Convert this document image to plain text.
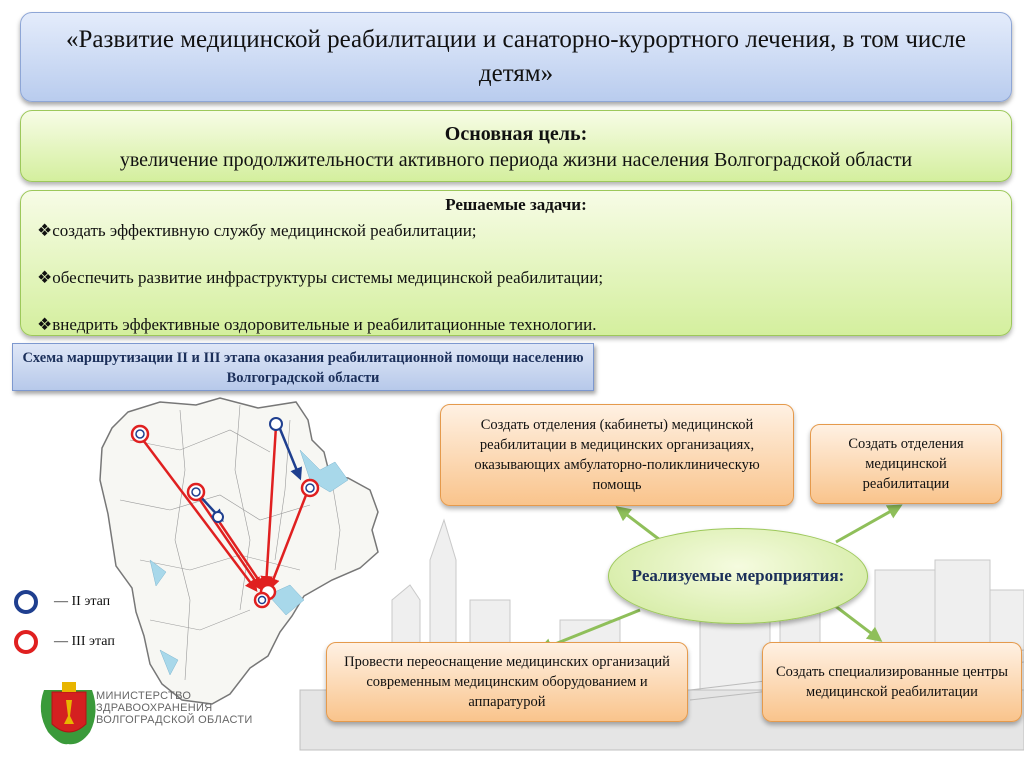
«Развитие медицинской реабилитации и санаторно-курортного лечения, в том числе детям»
Основная цель:
увеличение продолжительности активного периода жизни населения Волгоградской области
Решаемые задачи:
❖создать эффективную службу медицинской реабилитации;
❖обеспечить развитие инфраструктуры системы медицинской реабилитации;
❖внедрить эффективные оздоровительные и реабилитационные технологии.
Схема маршрутизации II и III этапа оказания реабилитационной помощи населению Волгоградской области
— II этап
— III этап
Создать отделения (кабинеты) медицинской реабилитации в медицинских организациях, оказывающих амбулаторно-поликлиническую помощь
Создать отделения медицинской реабилитации
Реализуемые мероприятия:
Провести переоснащение медицинских организаций современным медицинским оборудованием и аппаратурой
Создать специализированные центры медицинской реабилитации
МИНИСТЕРСТВО
ЗДРАВООХРАНЕНИЯ
ВОЛГОГРАДСКОЙ ОБЛАСТИ
